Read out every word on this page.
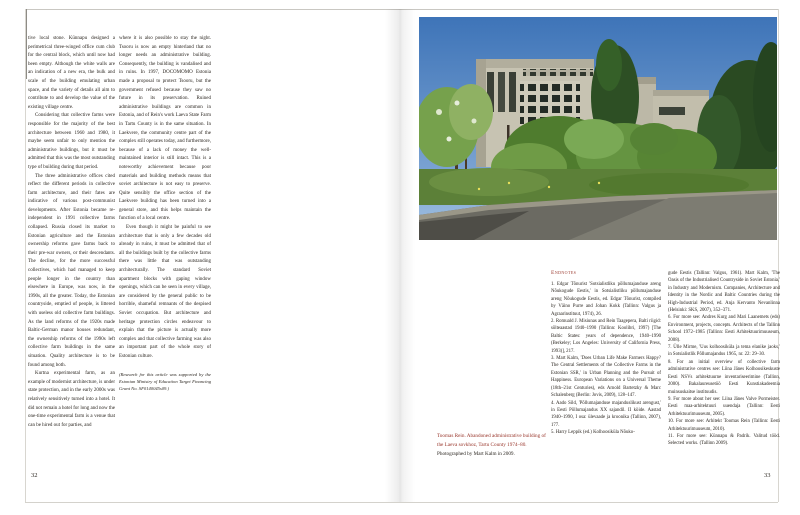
tive local stone. Künnapu designed a perimetrical three-winged office cum club for the central block, which until now had been empty. Although the white walls are an indication of a new era, the bulk and scale of the building emulating urban space, and the variety of details all aim to contribute to and develop the value of the existing village centre.

Considering that collective farms were responsible for the majority of the best architecture between 1960 and 1980, it maybe seem unfair to only mention the administrative buildings, but it must be admitted that this was the most outstanding type of building during that period.

The three administrative offices cited reflect the different periods in collective farm architecture, and their fates are indicative of various post-communist developments. After Estonia became re-independent in 1991 collective farms collapsed. Russia closed its market to Estonian agriculture and the Estonian ownership reforms gave farms back to their pre-war owners, or their descendants. The decline, for the more successful collectives, which had managed to keep people longer in the country than elsewhere in Europe, was now, in the 1990s, all the greater. Today, the Estonian countryside, emptied of people, is littered with useless old collective farm buildings. As the land reforms of the 1920s made Baltic-German manor houses redundant, the ownership reforms of the 1990s left collective farm buildings in the same situation. Quality architecture is to be found among both.

Kurtna experimental farm, as an example of modernist architecture, is under state protection, and in the early 2000s was relatively sensitively turned into a hotel. It did not remain a hotel for long and now the one-time experimental farm is a venue that can be hired out for parties, and

where it is also possible to stay the night. Tsooru is now an empty hinterland that no longer needs an administrative building. Consequently, the building is vandalised and in ruins. In 1997, DOCOMOMO Estonia made a proposal to protect Tsooru, but the government refused because they saw no future in its preservation. Ruined administrative buildings are common in Estonia, and of Rein's work Laeva State Farm in Tartu County is in the same situation. In Laekvere, the community centre part of the complex still operates today, and furthermore, because of a lack of money the well-maintained interior is still intact. This is a noteworthy achievement because poor materials and building methods means that soviet architecture is not easy to preserve. Quite sensibly the office section of the Laekvere building has been turned into a general store, and this helps maintain the function of a local centre.

Even though it might be painful to see architecture that is only a few decades old already in ruins, it must be admitted that of all the buildings built by the collective farms there was little that was outstanding architecturally. The standard Soviet apartment blocks with gaping window openings, which can be seen in every village, are considered by the general public to be horrible, shameful remnants of the despised Soviet occupation. But architecture and heritage protection circles endeavour to explain that the picture is actually more complex and that collective farming was also an important part of the whole story of Estonian culture.

(Research for this article was supported by the Estonian Ministry of Education Target Financing Grant No. SF0140045s09.)

32
Toomas Rein. Abandoned administrative building of the Laeva sovkhoz, Tartu County 1974–80.
Photographed by Mart Kalm in 2009.
Endnotes

1. Edgar Tõnurist 'Sotsialistliku põllumajanduse areng Nõukogude Eestis,' in Sotsialistliku põllumajanduse areng Nõukogude Eestis, ed. Edgar Tõnurist, compiled by Väino Purre and Johan Kokk (Tallinn: Valgus ja Agraarinstituut, 1974), 26.

2. Romuald J. Misiunas and Rein Taagepera, Balti riigid: sõlteaastad 1940–1990 (Tallinn: Koolibri, 1997) [The Baltic States: years of dependence, 1940–1990 (Berkeley; Los Angeles: University of California Press, 1993)], 217.

3. Mart Kalm, 'Does Urban Life Make Farmers Happy? The Central Settlements of the Collective Farms in the Estonian SSR,' in Urban Planning and the Pursuit of Happiness. European Variations on a Universal Theme (18th–21st Centuries), eds Arnold Bartetzky & Marc Schalenberg (Berlin: Jovis, 2009), 128–147.

4. Aado Sild, 'Põllumajanduse majanduslikust arengust,' in Eesti Põllumajandus XX sajandil. II köide. Aastad 1940–1990, I osa: ülevaade ja kroonika (Tallinn, 2007), 177.

5. Harry Leppik (ed.) Kolhoosiküla Nõuko-

gude Eestis (Tallinn: Valgus, 1961). Mart Kalm, 'The Oasis of the Industrialised Countryside in Soviet Estonia,' in Industry and Modernism. Companies, Architecture and Identity in the Nordic and Baltic Countries during the High-Industrial Period, ed. Anja Kervanto Nevanlinna (Helsinki: SKS, 2007), 352–371.

6. For more see: Andres Kurg and Mari Laanemets (eds) Environment, projects, concepts. Architects of the Tallinn School 1972–1985 (Tallinn: Eesti Arhitektuurimuuseum, 2008).

7. Ülle Mirme, 'Uus kolhoosiküla ja tema elanike jaoks,' in Sotsialistlik Põllumajandus 1965, nr. 22: 29–30.

8. For an initial overview of collective farm administrative centres see: Liina Jänes Kolhoosikeskuste Eesti NSVs arhitektuurne inventariseerimine (Tallinn, 2000). Bakalaureusetöö Eesti Kunstiakadeemia muinsuskaitse instituudis.

9. For more about her see: Liina Jänes Valve Pormeister. Eesti maa-arhitektuuri uuendaja (Tallinn: Eesti Arhitektuurimuuseum, 2005).

10. For more see: Arhitekt Toomas Rein (Tallinn: Eesti Arhitektuurimuuseum, 2010).

11. For more see: Künnapu & Padrik. Valitud tööd. Selected works. (Tallinn 2009).

33
